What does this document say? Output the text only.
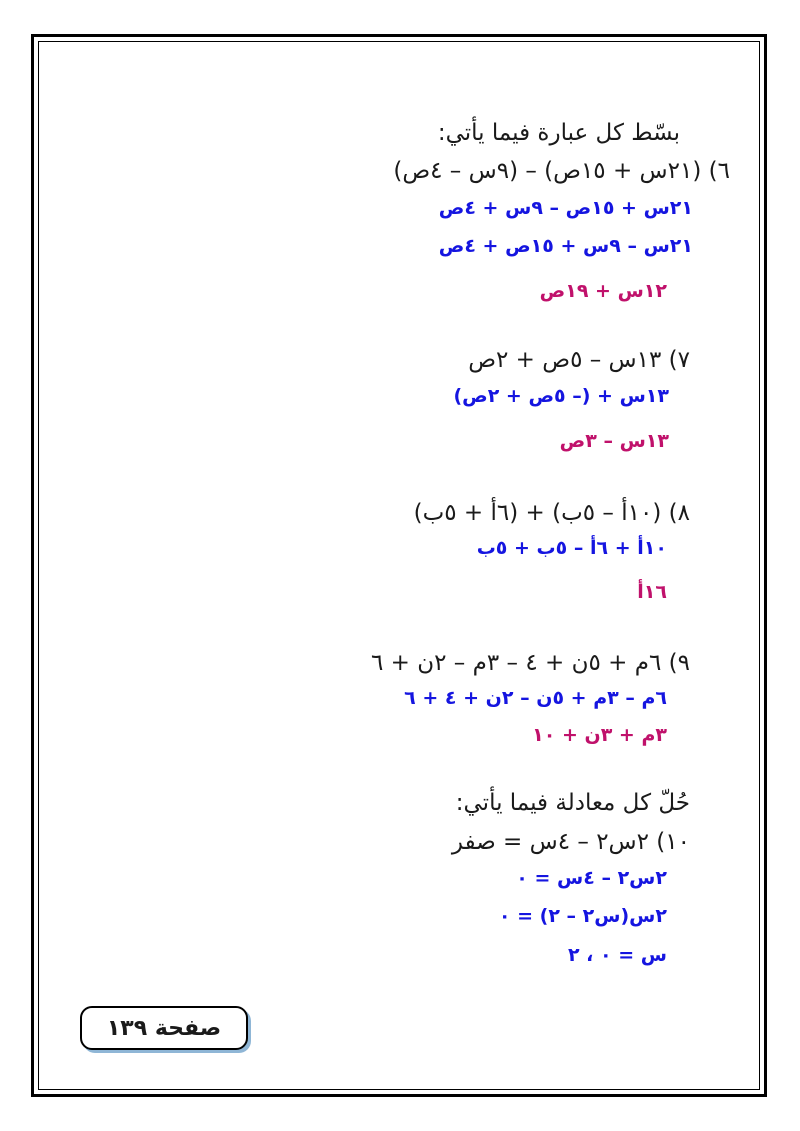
بسّط كل عبارة فيما يأتي:
٦) (٢١س + ١٥ص) – (٩س – ٤ص)
٢١س + ١٥ص – ٩س + ٤ص
٢١س – ٩س + ١٥ص + ٤ص
١٢س + ١٩ص
٧) ١٣س – ٥ص + ٢ص
١٣س + (– ٥ص + ٢ص)
١٣س – ٣ص
٨) (١٠أ – ٥ب) + (٦أ + ٥ب)
١٠أ + ٦أ – ٥ب + ٥ب
١٦أ
٩) ٦م + ٥ن + ٤ – ٣م – ٢ن + ٦
٦م – ٣م + ٥ن – ٢ن + ٤ + ٦
٣م + ٣ن + ١٠
حُلّ كل معادلة فيما يأتي:
١٠) ٢س٢ – ٤س = صفر
٢س٢ – ٤س = ٠
٢س(س٢ – ٢) = ٠
س = ٠ ، ٢
صفحة ١٣٩
